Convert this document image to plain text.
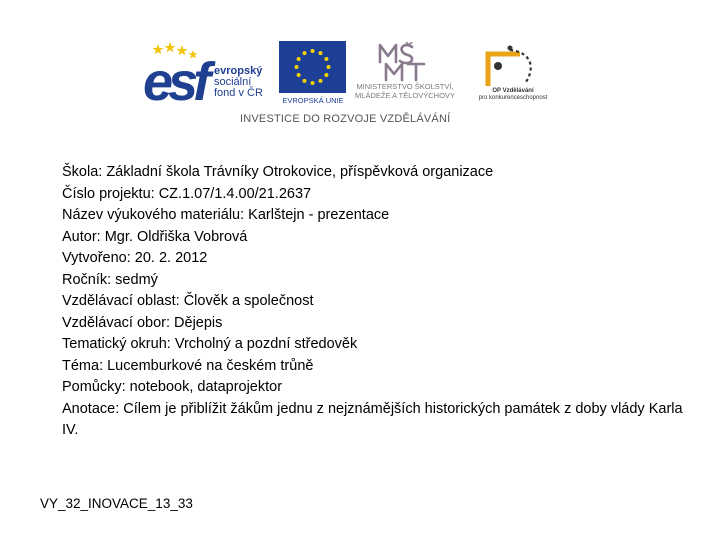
esf evropský
sociální
fond v ČR
EVROPSKÁ UNIE
MINISTERSTVO ŠKOLSTVÍ,
MLÁDEŽE A TĚLOVÝCHOVY	OP Vzdělávání
pro konkurenceschopnost
INVESTICE DO ROZVOJE VZDĚLÁVÁNÍ
Škola: Základní škola Trávníky Otrokovice, příspěvková organizace
Číslo projektu: CZ.1.07/1.4.00/21.2637
Název výukového materiálu: Karlštejn - prezentace
Autor: Mgr. Oldřiška Vobrová
Vytvořeno: 20. 2. 2012
Ročník: sedmý
Vzdělávací oblast: Člověk a společnost
Vzdělávací obor: Dějepis
Tematický okruh: Vrcholný a pozdní středověk
Téma: Lucemburkové na českém trůně
Pomůcky: notebook, dataprojektor
Anotace: Cílem je přiblížit žákům jednu z nejznámějších historických památek z doby vlády Karla IV.
VY_32_INOVACE_13_33
